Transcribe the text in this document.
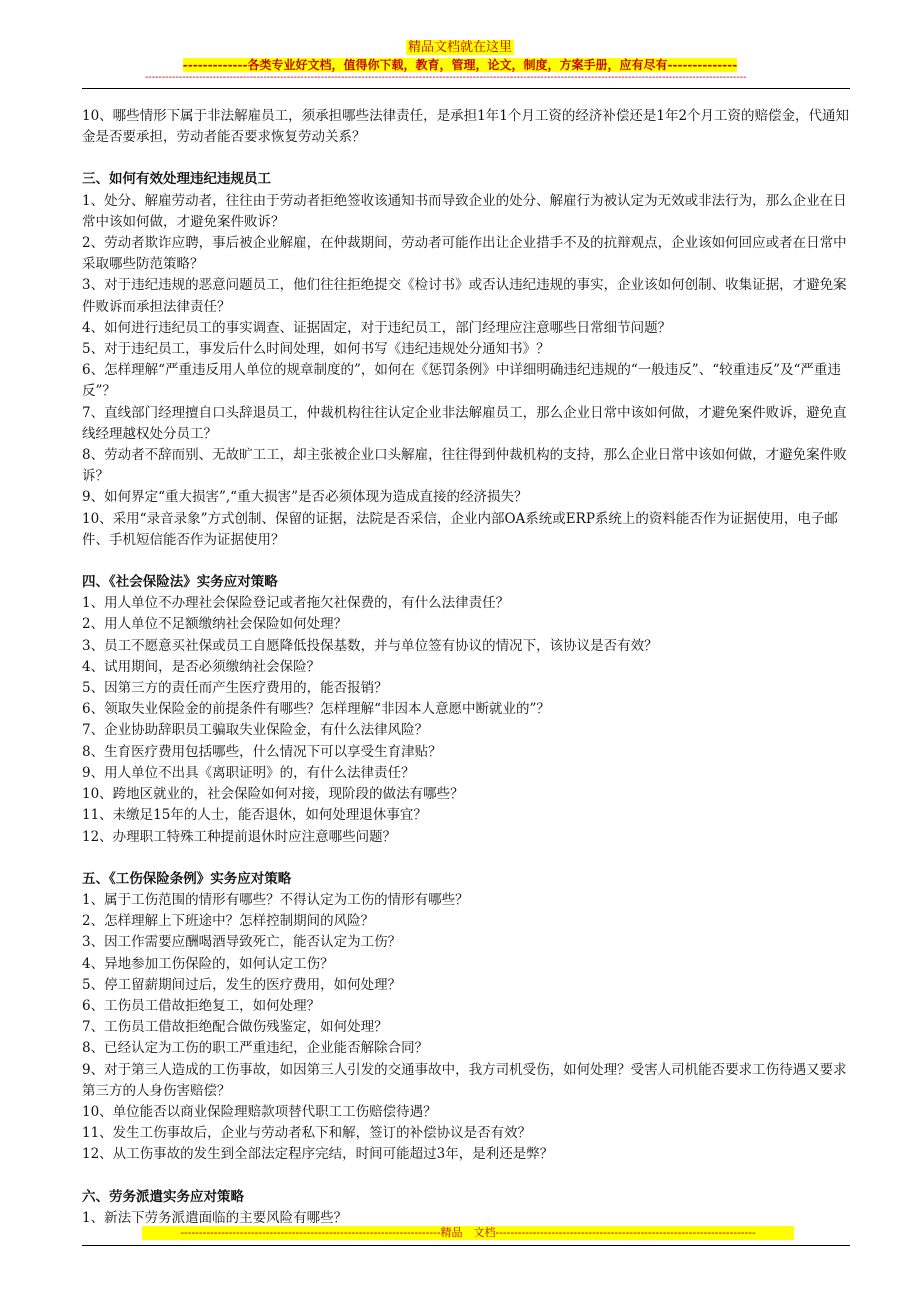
精品文档就在这里
-------------各类专业好文档，值得你下载，教育，管理，论文，制度，方案手册，应有尽有--------------
----------------------------------------------------------------------------------------------------------------------------------------------------------------------------------

10、哪些情形下属于非法解雇员工，须承担哪些法律责任，是承担1年1个月工资的经济补偿还是1年2个月工资的赔偿金，代通知金是否要承担，劳动者能否要求恢复劳动关系？

三、如何有效处理违纪违规员工

1、处分、解雇劳动者，往往由于劳动者拒绝签收该通知书而导致企业的处分、解雇行为被认定为无效或非法行为，那么企业在日常中该如何做，才避免案件败诉？

2、劳动者欺诈应聘，事后被企业解雇，在仲裁期间，劳动者可能作出让企业措手不及的抗辩观点，企业该如何回应或者在日常中采取哪些防范策略？

3、对于违纪违规的恶意问题员工，他们往往拒绝提交《检讨书》或否认违纪违规的事实，企业该如何创制、收集证据，才避免案件败诉而承担法律责任？

4、如何进行违纪员工的事实调查、证据固定，对于违纪员工，部门经理应注意哪些日常细节问题？

5、对于违纪员工，事发后什么时间处理，如何书写《违纪违规处分通知书》？

6、怎样理解“严重违反用人单位的规章制度的”，如何在《惩罚条例》中详细明确违纪违规的“一般违反”、“较重违反”及“严重违反”？

7、直线部门经理擅自口头辞退员工，仲裁机构往往认定企业非法解雇员工，那么企业日常中该如何做，才避免案件败诉，避免直线经理越权处分员工？

8、劳动者不辞而别、无故旷工工，却主张被企业口头解雇，往往得到仲裁机构的支持，那么企业日常中该如何做，才避免案件败诉？

9、如何界定“重大损害”,“重大损害”是否必须体现为造成直接的经济损失？

10、采用“录音录象”方式创制、保留的证据，法院是否采信，企业内部OA系统或ERP系统上的资料能否作为证据使用，电子邮件、手机短信能否作为证据使用？

四、《社会保险法》实务应对策略

1、用人单位不办理社会保险登记或者拖欠社保费的，有什么法律责任？

2、用人单位不足额缴纳社会保险如何处理？

3、员工不愿意买社保或员工自愿降低投保基数，并与单位签有协议的情况下，该协议是否有效？

4、试用期间，是否必须缴纳社会保险？

5、因第三方的责任而产生医疗费用的，能否报销？

6、领取失业保险金的前提条件有哪些？怎样理解“非因本人意愿中断就业的”？

7、企业协助辞职员工骗取失业保险金，有什么法律风险？

8、生育医疗费用包括哪些，什么情况下可以享受生育津贴？

9、用人单位不出具《离职证明》的，有什么法律责任？

10、跨地区就业的，社会保险如何对接，现阶段的做法有哪些？

11、未缴足15年的人士，能否退休，如何处理退休事宜？

12、办理职工特殊工种提前退休时应注意哪些问题？

五、《工伤保险条例》实务应对策略

1、属于工伤范围的情形有哪些？不得认定为工伤的情形有哪些？

2、怎样理解上下班途中？怎样控制期间的风险？

3、因工作需要应酬喝酒导致死亡，能否认定为工伤？

4、异地参加工伤保险的，如何认定工伤？

5、停工留薪期间过后，发生的医疗费用，如何处理？

6、工伤员工借故拒绝复工，如何处理？

7、工伤员工借故拒绝配合做伤残鉴定，如何处理？

8、已经认定为工伤的职工严重违纪，企业能否解除合同？

9、对于第三人造成的工伤事故，如因第三人引发的交通事故中，我方司机受伤，如何处理？受害人司机能否要求工伤待遇又要求第三方的人身伤害赔偿？

10、单位能否以商业保险理赔款项替代职工工伤赔偿待遇？

11、发生工伤事故后，企业与劳动者私下和解，签订的补偿协议是否有效？

12、从工伤事故的发生到全部法定程序完结，时间可能超过3年，是利还是弊？

六、劳务派遣实务应对策略

1、新法下劳务派遣面临的主要风险有哪些？

----------------------------------------------------------------------精品　文档----------------------------------------------------------------------
